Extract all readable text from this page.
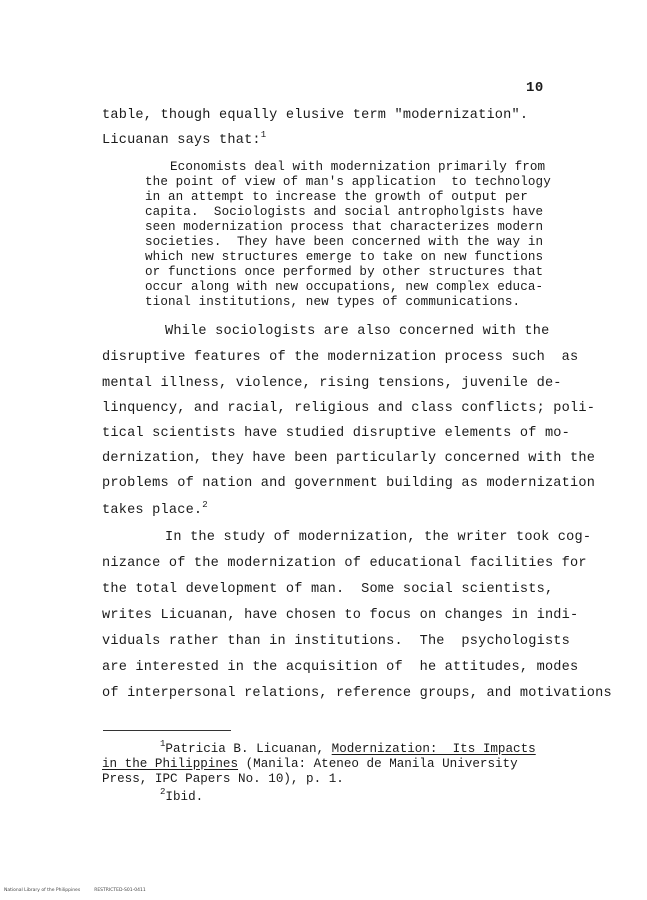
10
table, though equally elusive term "modernization".
Licuanan says that:$^1$
Economists deal with modernization primarily from
the point of view of man's application  to technology
in an attempt to increase the growth of output per
capita.  Sociologists and social antropholgists have
seen modernization process that characterizes modern
societies.  They have been concerned with the way in
which new structures emerge to take on new functions
or functions once performed by other structures that
occur along with new occupations, new complex educa-
tional institutions, new types of communications.
While sociologists are also concerned with the
disruptive features of the modernization process such  as
mental illness, violence, rising tensions, juvenile de-
linquency, and racial, religious and class conflicts; poli-
tical scientists have studied disruptive elements of mo-
dernization, they have been particularly concerned with the
problems of nation and government building as modernization
takes place.$^2$
In the study of modernization, the writer took cog-
nizance of the modernization of educational facilities for
the total development of man.  Some social scientists,
writes Licuanan, have chosen to focus on changes in indi-
viduals rather than in institutions.  The  psychologists
are interested in the acquisition of  he attitudes, modes
of interpersonal relations, reference groups, and motivations
$^1$Patricia B. Licuanan, Modernization:  Its Impacts
in the Philippines (Manila: Ateneo de Manila University
Press, IPC Papers No. 10), p. 1.
$^2$Ibid.
National Library of the Philippines	RESTRICTED-S01-0411
